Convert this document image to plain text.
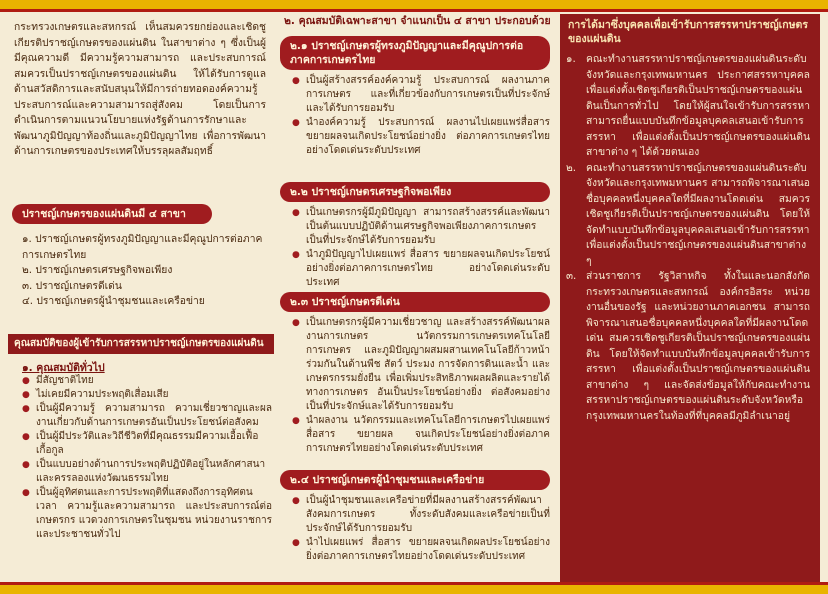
กระทรวงเกษตรและสหกรณ์ เห็นสมควรยกย่องและเชิดชูเกียรติปราชญ์เกษตรของแผ่นดิน ในสาขาต่าง ๆ ซึ่งเป็นผู้มีคุณความดี มีความรู้ความสามารถ และประสบการณ์สมควรเป็นปราชญ์เกษตรของแผ่นดิน ให้ได้รับการดูแลด้านสวัสดิการและสนับสนุนให้มีการถ่ายทอดองค์ความรู้ ประสบการณ์และความสามารถสู่สังคม โดยเป็นการดำเนินการตามแนวนโยบายแห่งรัฐด้านการรักษาและพัฒนาภูมิปัญญาท้องถิ่นและภูมิปัญญาไทย เพื่อการพัฒนาด้านการเกษตรของประเทศให้บรรลุผลสัมฤทธิ์

ปราชญ์เกษตรของแผ่นดินมี ๔ สาขา
๑. ปราชญ์เกษตรผู้ทรงภูมิปัญญาและมีคุณูปการต่อภาคการเกษตรไทย
๒. ปราชญ์เกษตรเศรษฐกิจพอเพียง
๓. ปราชญ์เกษตรดีเด่น
๔. ปราชญ์เกษตรผู้นำชุมชนและเครือข่าย
คุณสมบัติของผู้เข้ารับการสรรหาปราชญ์เกษตรของแผ่นดิน
๑. คุณสมบัติทั่วไป
● มีสัญชาติไทย
● ไม่เคยมีความประพฤติเสื่อมเสีย
● เป็นผู้มีความรู้ ความสามารถ ความเชี่ยวชาญและผลงานเกี่ยวกับด้านการเกษตรอันเป็นประโยชน์ต่อสังคม
● เป็นผู้มีประวัติและวิถีชีวิตที่มีคุณธรรมมีความเอื้อเฟื้อเกื้อกูล
● เป็นแบบอย่างด้านการประพฤติปฏิบัติอยู่ในหลักศาสนาและครรลองแห่งวัฒนธรรมไทย
● เป็นผู้อุทิศตนและการประพฤติที่แสดงถึงการอุทิศตนเวลา ความรู้และความสามารถ และประสบการณ์ต่อเกษตรกร แวดวงการเกษตรในชุมชน หน่วยงานราชการและประชาชนทั่วไป
๒. คุณสมบัติเฉพาะสาขา จำแนกเป็น ๔ สาขา ประกอบด้วย
๒.๑ ปราชญ์เกษตรผู้ทรงภูมิปัญญาและมีคุณูปการต่อภาคการเกษตรไทย
● เป็นผู้สร้างสรรค์องค์ความรู้ ประสบการณ์ ผลงานภาคการเกษตร และที่เกี่ยวข้องกับการเกษตรเป็นที่ประจักษ์และได้รับการยอมรับ
● นำองค์ความรู้ ประสบการณ์ ผลงานไปเผยแพร่สื่อสาร ขยายผลจนเกิดประโยชน์อย่างยิ่ง ต่อภาคการเกษตรไทยอย่างโดดเด่นระดับประเทศ
๒.๒ ปราชญ์เกษตรเศรษฐกิจพอเพียง
● เป็นเกษตรกรผู้มีภูมิปัญญา สามารถสร้างสรรค์และพัฒนาเป็นต้นแบบปฏิบัติด้านเศรษฐกิจพอเพียงภาคการเกษตร เป็นที่ประจักษ์ได้รับการยอมรับ
● นำภูมิปัญญาไปเผยแพร่ สื่อสาร ขยายผลจนเกิดประโยชน์อย่างยิ่งต่อภาคการเกษตรไทย อย่างโดดเด่นระดับประเทศ
๒.๓ ปราชญ์เกษตรดีเด่น
● เป็นเกษตรกรผู้มีความเชี่ยวชาญ และสร้างสรรค์พัฒนาผลงานการเกษตร นวัตกรรมการเกษตรเทคโนโลยีการเกษตร และภูมิปัญญาผสมผสานเทคโนโลยีก้าวหน้าร่วมกันในด้านพืช สัตว์ ประมง การจัดการดินและน้ำ และเกษตรกรรมยั่งยืน เพื่อเพิ่มประสิทธิภาพผลผลิตและรายได้ทางการเกษตร อันเป็นประโยชน์อย่างยิ่ง ต่อสังคมอย่างเป็นที่ประจักษ์และได้รับการยอมรับ
● นำผลงาน นวัตกรรมและเทคโนโลยีการเกษตรไปเผยแพร่ สื่อสาร ขยายผล จนเกิดประโยชน์อย่างยิ่งต่อภาคการเกษตรไทยอย่างโดดเด่นระดับประเทศ
๒.๔ ปราชญ์เกษตรผู้นำชุมชนและเครือข่าย
● เป็นผู้นำชุมชนและเครือข่ายที่มีผลงานสร้างสรรค์พัฒนาสังคมการเกษตร ทั้งระดับสังคมและเครือข่ายเป็นที่ประจักษ์ได้รับการยอมรับ
● นำไปเผยแพร่ สื่อสาร ขยายผลจนเกิดผลประโยชน์อย่างยิ่งต่อภาคการเกษตรไทยอย่างโดดเด่นระดับประเทศ
การได้มาซึ่งบุคคลเพื่อเข้ารับการสรรหาปราชญ์เกษตรของแผ่นดิน
๑. คณะทำงานสรรหาปราชญ์เกษตรของแผ่นดินระดับจังหวัดและกรุงเทพมหานคร ประกาศสรรหาบุคคลเพื่อแต่งตั้งเชิดชูเกียรติเป็นปราชญ์เกษตรของแผ่นดินเป็นการทั่วไป โดยให้ผู้สนใจเข้ารับการสรรหาสามารถยื่นแบบบันทึกข้อมูลบุคคลเสนอเข้ารับการสรรหา เพื่อแต่งตั้งเป็นปราชญ์เกษตรของแผ่นดินสาขาต่าง ๆ ได้ด้วยตนเอง
๒. คณะทำงานสรรหาปราชญ์เกษตรของแผ่นดินระดับจังหวัดและกรุงเทพมหานคร สามารถพิจารณาเสนอชื่อบุคคลหนึ่งบุคคลใดที่มีผลงานโดดเด่น สมควรเชิดชูเกียรติเป็นปราชญ์เกษตรของแผ่นดิน โดยให้จัดทำแบบบันทึกข้อมูลบุคคลเสนอเข้ารับการสรรหา เพื่อแต่งตั้งเป็นปราชญ์เกษตรของแผ่นดินสาขาต่าง ๆ
๓. ส่วนราชการ รัฐวิสาหกิจ ทั้งในและนอกสังกัดกระทรวงเกษตรและสหกรณ์ องค์กรอิสระ หน่วยงานอื่นของรัฐ และหน่วยงานภาคเอกชน สามารถพิจารณาเสนอชื่อบุคคลหนึ่งบุคคลใดที่มีผลงานโดดเด่น สมควรเชิดชูเกียรติเป็นปราชญ์เกษตรของแผ่นดิน โดยให้จัดทำแบบบันทึกข้อมูลบุคคลเข้ารับการสรรหา เพื่อแต่งตั้งเป็นปราชญ์เกษตรของแผ่นดินสาขาต่าง ๆ และจัดส่งข้อมูลให้กับคณะทำงานสรรหาปราชญ์เกษตรของแผ่นดินระดับจังหวัดหรือกรุงเทพมหานครในท้องที่ที่บุคคลมีภูมิลำเนาอยู่
